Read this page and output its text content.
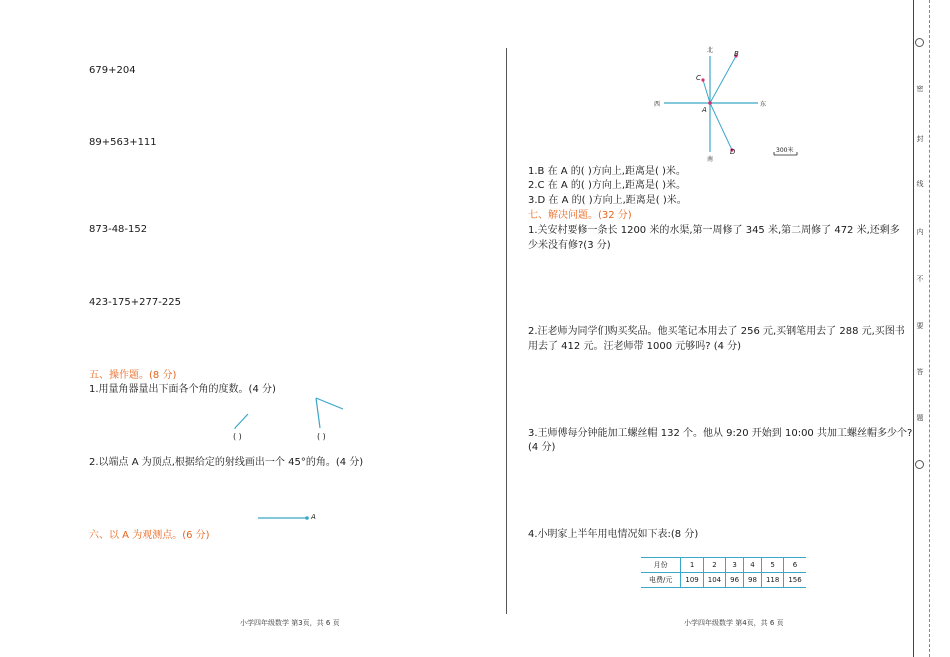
679+204
89+563+111
873-48-152
423-175+277-225
五、操作题。(8 分)
1.用量角器量出下面各个角的度数。(4 分)
( )	( )
2.以端点 A 为顶点,根据给定的射线画出一个 45°的角。(4 分)
A
六、以 A 为观测点。(6 分)
小学四年级数学 第3页，共 6 页
北
南
西	东
B
C
A
D	300米
1.B 在 A 的( )方向上,距离是( )米。
2.C 在 A 的( )方向上,距离是( )米。
3.D 在 A 的( )方向上,距离是( )米。
七、解决问题。(32 分)
1.关安村要修一条长 1200 米的水渠,第一周修了 345 米,第二周修了 472 米,还剩多
少米没有修?(3 分)
2.汪老师为同学们购买奖品。他买笔记本用去了 256 元,买钢笔用去了 288 元,买图书
用去了 412 元。汪老师带 1000 元够吗? (4 分)
3.王师傅每分钟能加工螺丝帽 132 个。他从 9:20 开始到 10:00 共加工螺丝帽多少个?
(4 分)
4.小明家上半年用电情况如下表:(8 分)
月份	1	2	3	4	5	6
电费/元	109	104	96	98	118	156
小学四年级数学 第4页，共 6 页
密
封
线
内
不
要
答
题
